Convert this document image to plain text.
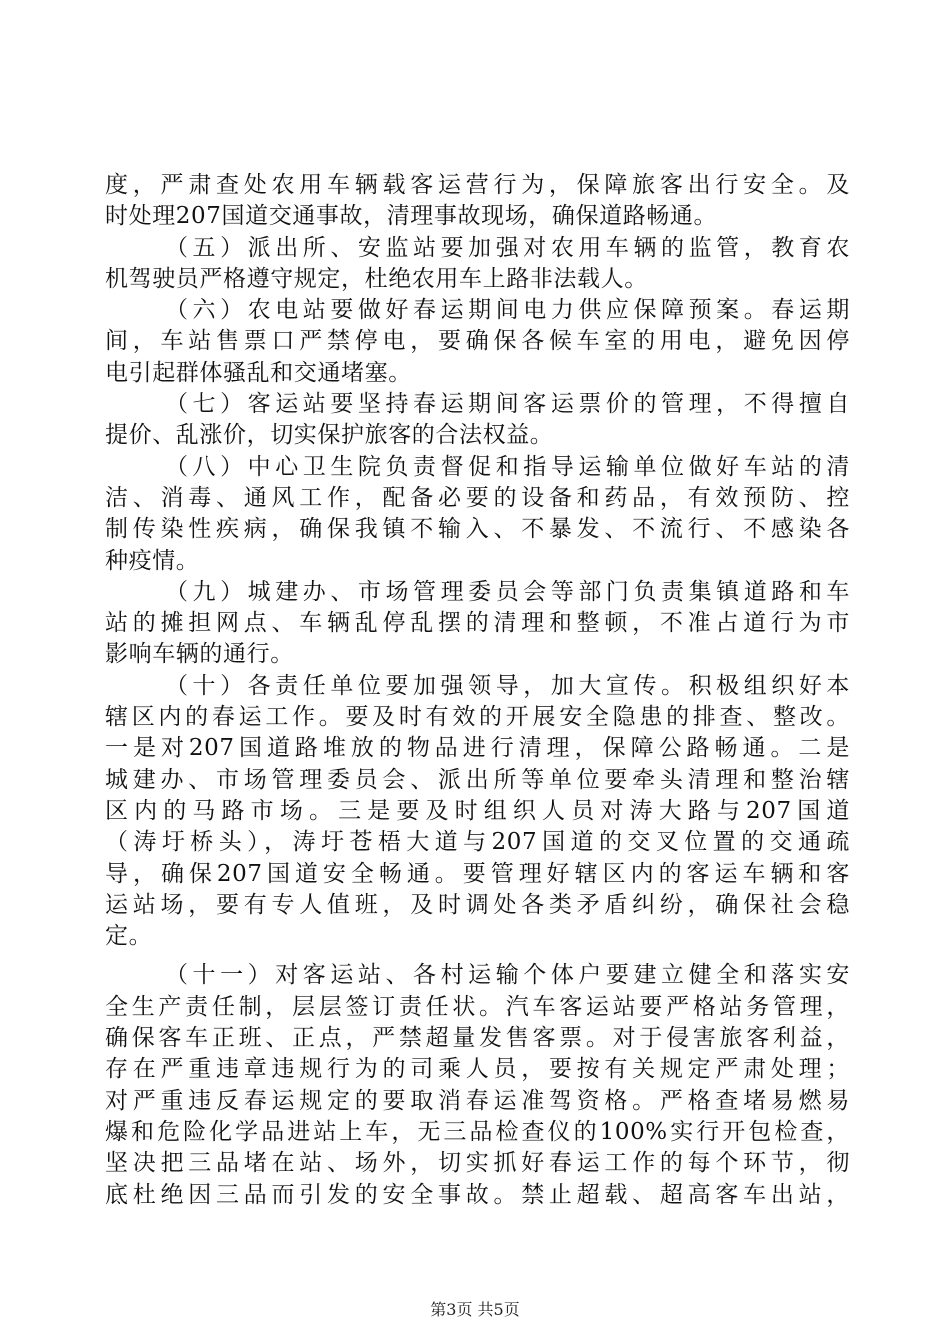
度，严肃查处农用车辆载客运营行为，保障旅客出行安全。及
时处理207国道交通事故，清理事故现场，确保道路畅通。
（五）派出所、安监站要加强对农用车辆的监管，教育农
机驾驶员严格遵守规定，杜绝农用车上路非法载人。
（六）农电站要做好春运期间电力供应保障预案。春运期
间，车站售票口严禁停电，要确保各候车室的用电，避免因停
电引起群体骚乱和交通堵塞。
（七）客运站要坚持春运期间客运票价的管理，不得擅自
提价、乱涨价，切实保护旅客的合法权益。
（八）中心卫生院负责督促和指导运输单位做好车站的清
洁、消毒、通风工作，配备必要的设备和药品，有效预防、控
制传染性疾病，确保我镇不输入、不暴发、不流行、不感染各
种疫情。
（九）城建办、市场管理委员会等部门负责集镇道路和车
站的摊担网点、车辆乱停乱摆的清理和整顿，不准占道行为市
影响车辆的通行。
（十）各责任单位要加强领导，加大宣传。积极组织好本
辖区内的春运工作。要及时有效的开展安全隐患的排查、整改。
一是对207国道路堆放的物品进行清理，保障公路畅通。二是
城建办、市场管理委员会、派出所等单位要牵头清理和整治辖
区内的马路市场。三是要及时组织人员对涛大路与207国道
（涛圩桥头），涛圩苍梧大道与207国道的交叉位置的交通疏
导，确保207国道安全畅通。要管理好辖区内的客运车辆和客
运站场，要有专人值班，及时调处各类矛盾纠纷，确保社会稳
定。
（十一）对客运站、各村运输个体户要建立健全和落实安
全生产责任制，层层签订责任状。汽车客运站要严格站务管理，
确保客车正班、正点，严禁超量发售客票。对于侵害旅客利益，
存在严重违章违规行为的司乘人员，要按有关规定严肃处理；
对严重违反春运规定的要取消春运准驾资格。严格查堵易燃易
爆和危险化学品进站上车，无三品检查仪的100%实行开包检查，
坚决把三品堵在站、场外，切实抓好春运工作的每个环节，彻
底杜绝因三品而引发的安全事故。禁止超载、超高客车出站，
第3页 共5页
